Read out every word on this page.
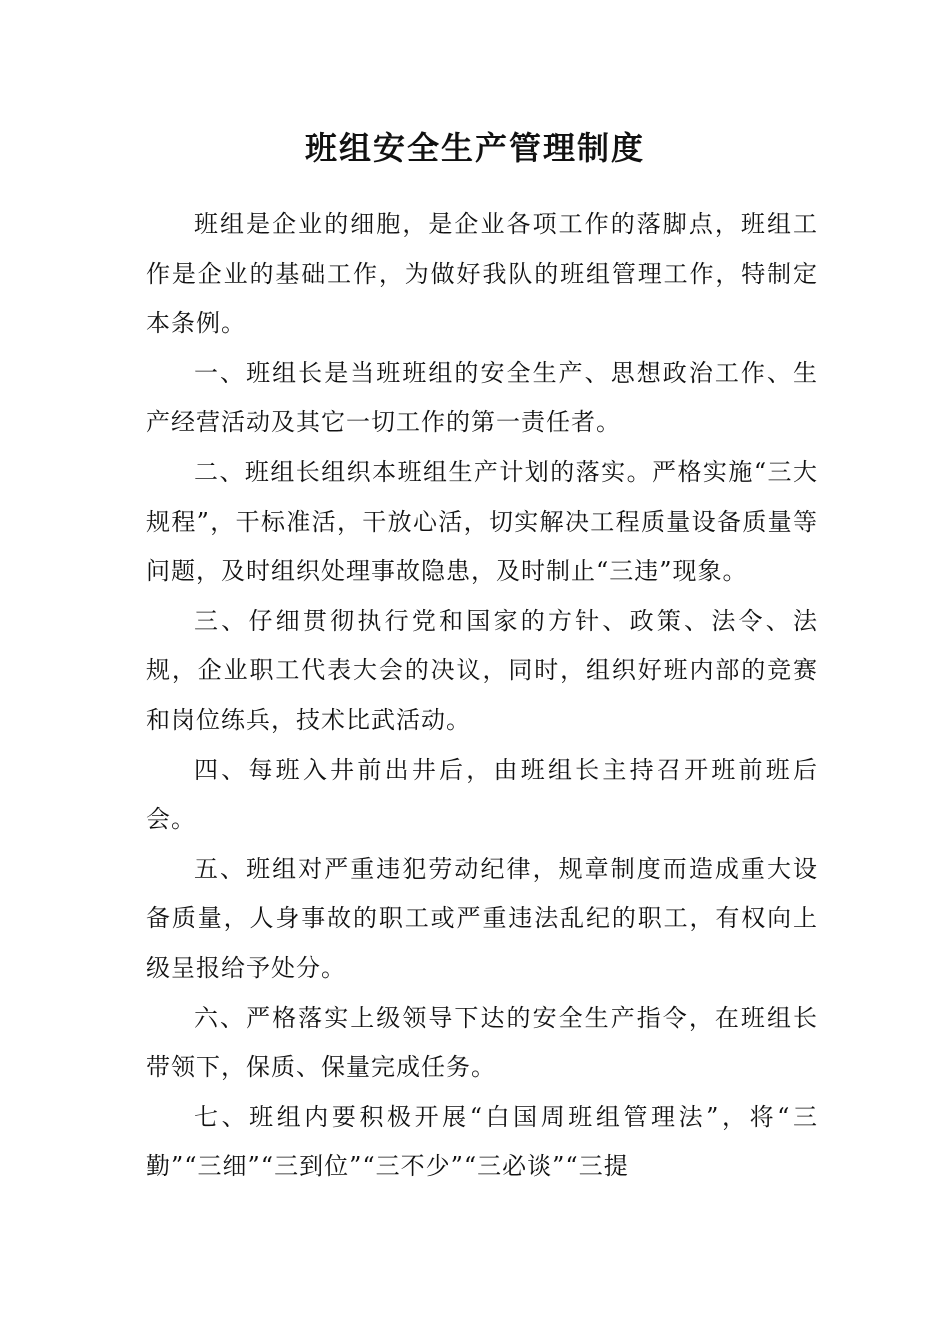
班组安全生产管理制度

班组是企业的细胞，是企业各项工作的落脚点，班组工作是企业的基础工作，为做好我队的班组管理工作，特制定本条例。

一、班组长是当班班组的安全生产、思想政治工作、生产经营活动及其它一切工作的第一责任者。

二、班组长组织本班组生产计划的落实。严格实施“三大规程”，干标准活，干放心活，切实解决工程质量设备质量等问题，及时组织处理事故隐患，及时制止“三违”现象。

三、仔细贯彻执行党和国家的方针、政策、法令、法规，企业职工代表大会的决议，同时，组织好班内部的竞赛和岗位练兵，技术比武活动。

四、每班入井前出井后，由班组长主持召开班前班后会。

五、班组对严重违犯劳动纪律，规章制度而造成重大设备质量，人身事故的职工或严重违法乱纪的职工，有权向上级呈报给予处分。

六、严格落实上级领导下达的安全生产指令，在班组长带领下，保质、保量完成任务。

七、班组内要积极开展“白国周班组管理法”，将“三勤”“三细”“三到位”“三不少”“三必谈”“三提
